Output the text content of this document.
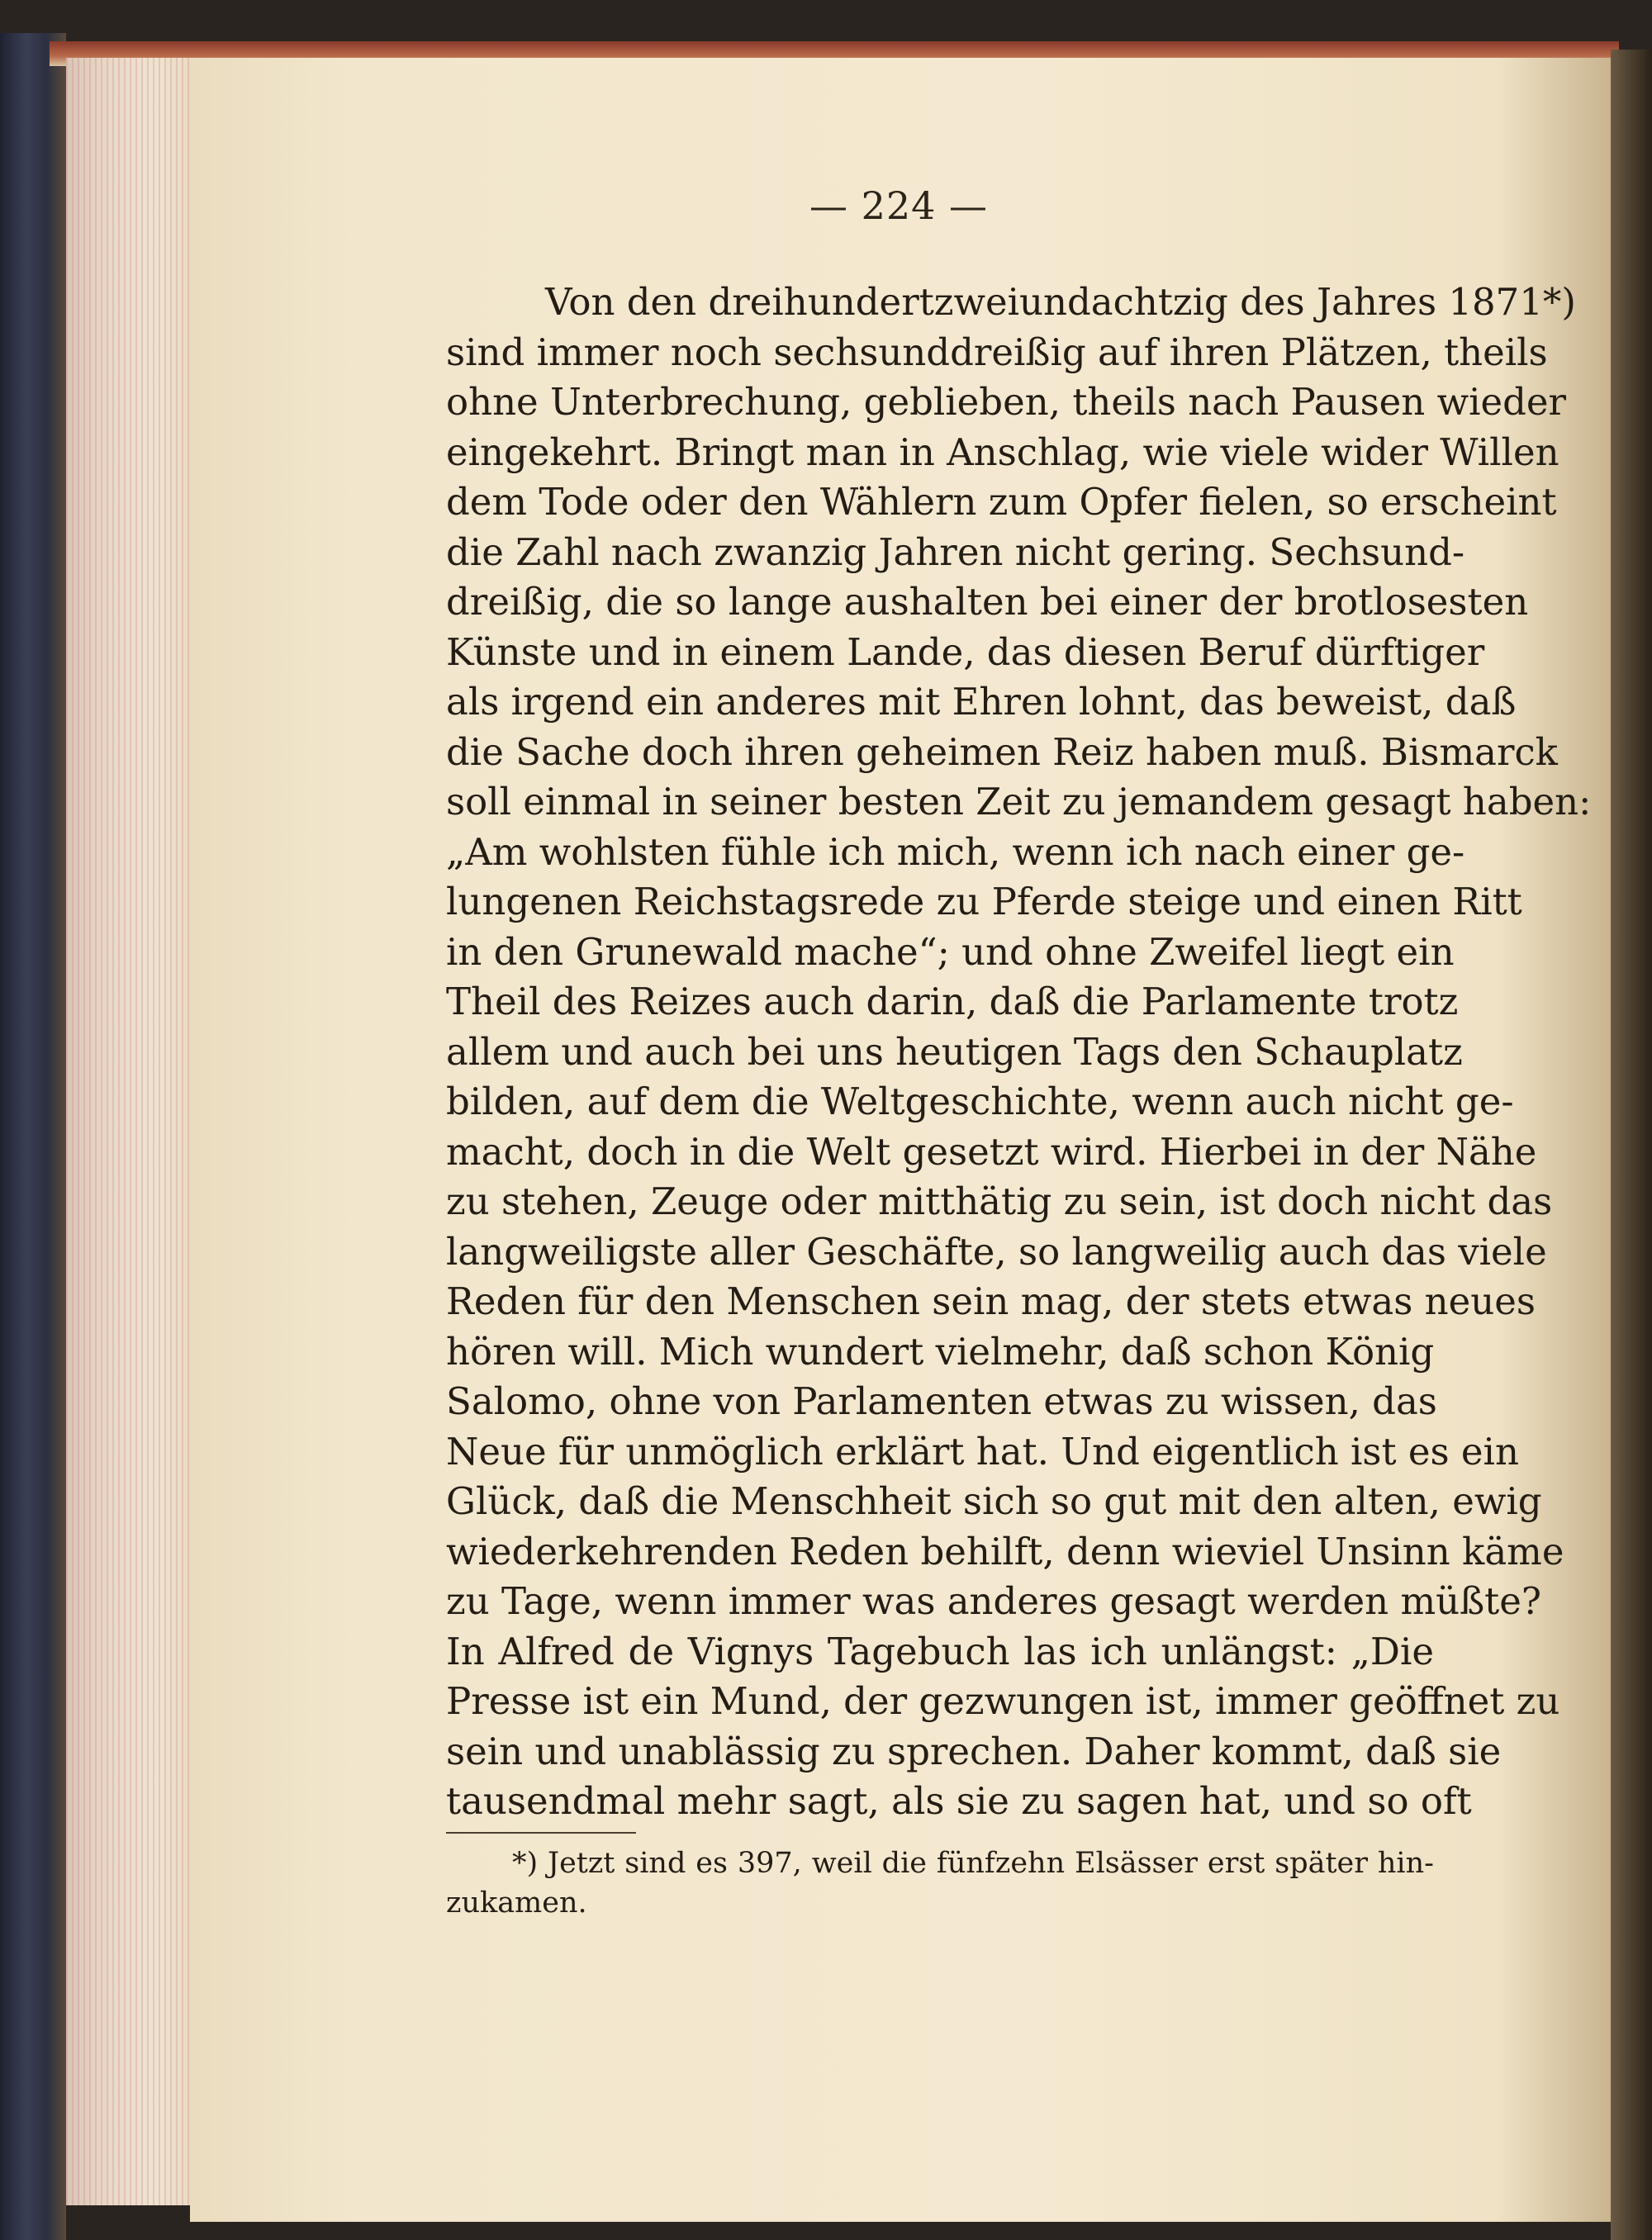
— 224 —
Von den dreihundertzweiundachtzig des Jahres 1871*)
sind immer noch sechsunddreißig auf ihren Plätzen, theils
ohne Unterbrechung, geblieben, theils nach Pausen wieder
eingekehrt. Bringt man in Anschlag, wie viele wider Willen
dem Tode oder den Wählern zum Opfer fielen, so erscheint
die Zahl nach zwanzig Jahren nicht gering. Sechsund-
dreißig, die so lange aushalten bei einer der brotlosesten
Künste und in einem Lande, das diesen Beruf dürftiger
als irgend ein anderes mit Ehren lohnt, das beweist, daß
die Sache doch ihren geheimen Reiz haben muß. Bismarck
soll einmal in seiner besten Zeit zu jemandem gesagt haben:
„Am wohlsten fühle ich mich, wenn ich nach einer ge-
lungenen Reichstagsrede zu Pferde steige und einen Ritt
in den Grunewald mache“; und ohne Zweifel liegt ein
Theil des Reizes auch darin, daß die Parlamente trotz
allem und auch bei uns heutigen Tags den Schauplatz
bilden, auf dem die Weltgeschichte, wenn auch nicht ge-
macht, doch in die Welt gesetzt wird. Hierbei in der Nähe
zu stehen, Zeuge oder mitthätig zu sein, ist doch nicht das
langweiligste aller Geschäfte, so langweilig auch das viele
Reden für den Menschen sein mag, der stets etwas neues
hören will. Mich wundert vielmehr, daß schon König
Salomo, ohne von Parlamenten etwas zu wissen, das
Neue für unmöglich erklärt hat. Und eigentlich ist es ein
Glück, daß die Menschheit sich so gut mit den alten, ewig
wiederkehrenden Reden behilft, denn wieviel Unsinn käme
zu Tage, wenn immer was anderes gesagt werden müßte?
In Alfred de Vignys Tagebuch las ich unlängst: „Die
Presse ist ein Mund, der gezwungen ist, immer geöffnet zu
sein und unablässig zu sprechen. Daher kommt, daß sie
tausendmal mehr sagt, als sie zu sagen hat, und so oft
*) Jetzt sind es 397, weil die fünfzehn Elsässer erst später hin-
zukamen.
